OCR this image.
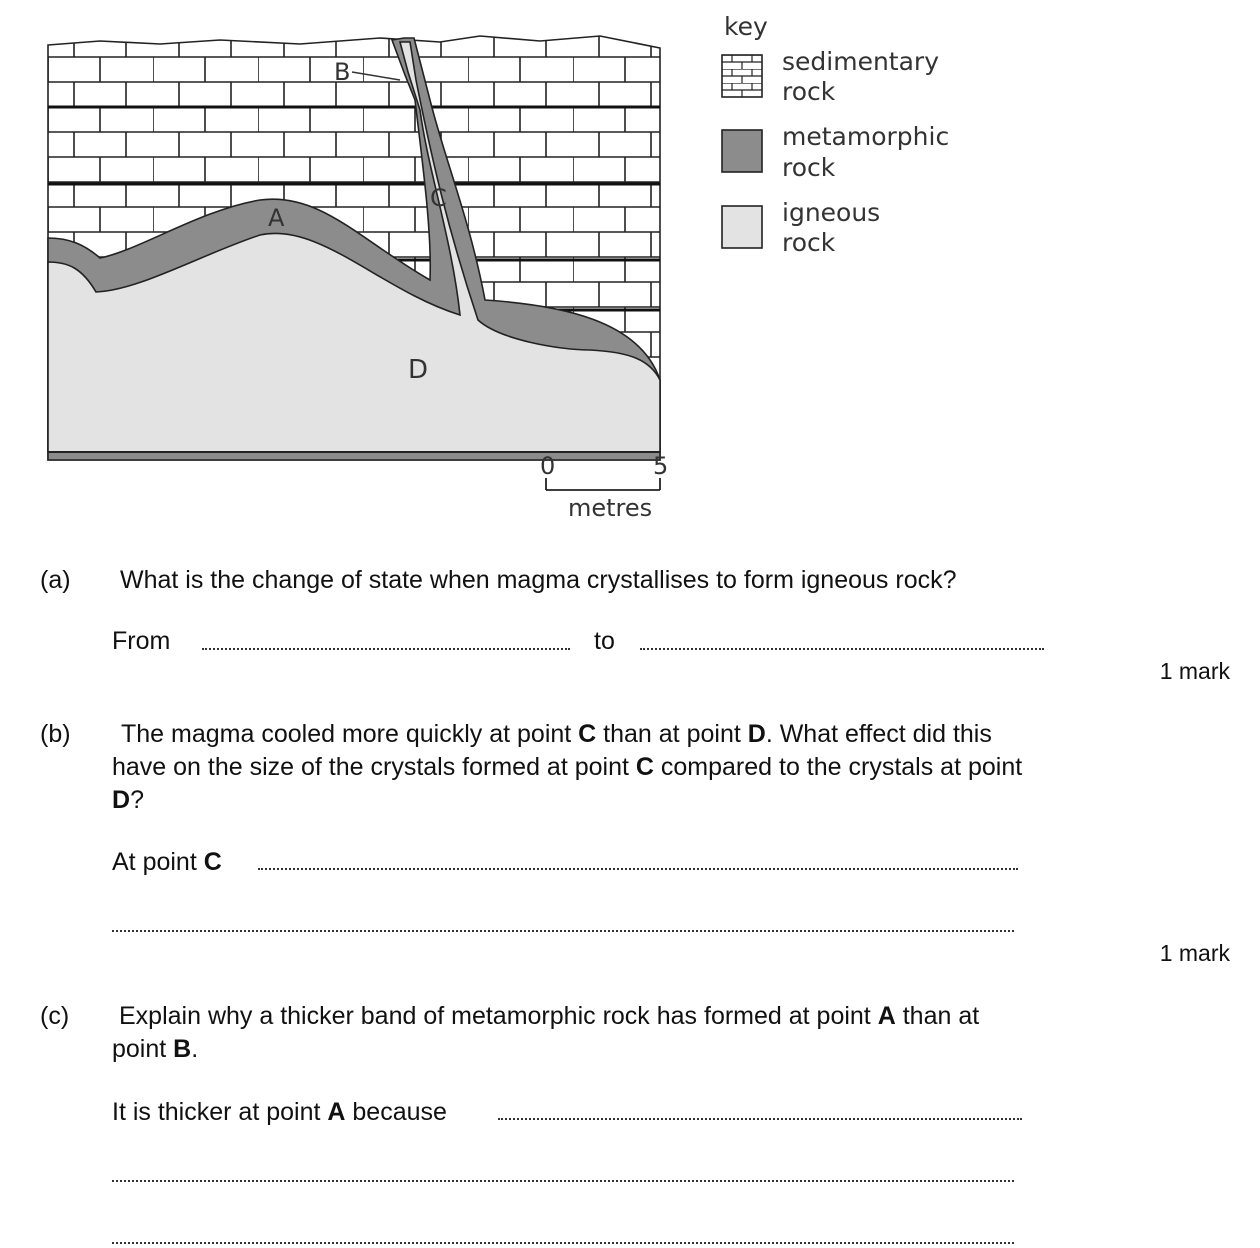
A
B
C
D
0	5
metres
key
sedimentary
rock
metamorphic
rock
igneous
rock
(a) What is the change of state when magma crystallises to form igneous rock?
From	to
1 mark
(b) The magma cooled more quickly at point C than at point D. What effect did this
have on the size of the crystals formed at point C compared to the crystals at point
D?
At point C
1 mark
(c) Explain why a thicker band of metamorphic rock has formed at point A than at
point B.
It is thicker at point A because
